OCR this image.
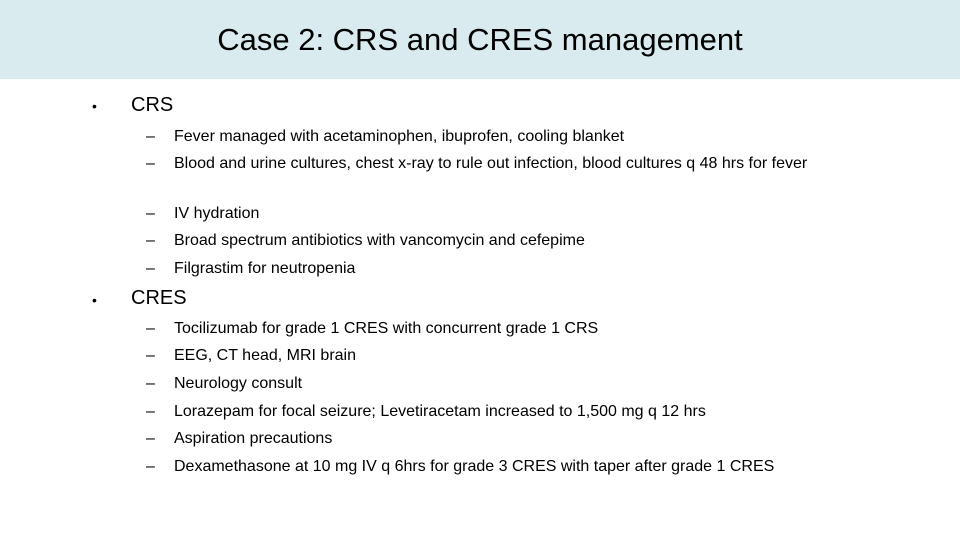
Case 2: CRS and CRES management
• CRS
– Fever managed with acetaminophen, ibuprofen, cooling blanket
– Blood and urine cultures, chest x-ray to rule out infection, blood cultures q 48 hrs for fever
– IV hydration
– Broad spectrum antibiotics with vancomycin and cefepime
– Filgrastim for neutropenia
• CRES
– Tocilizumab for grade 1 CRES with concurrent grade 1 CRS
– EEG, CT head, MRI brain
– Neurology consult
– Lorazepam for focal seizure; Levetiracetam increased to 1,500 mg q 12 hrs
– Aspiration precautions
– Dexamethasone at 10 mg IV q 6hrs for grade 3 CRES with taper after grade 1 CRES
